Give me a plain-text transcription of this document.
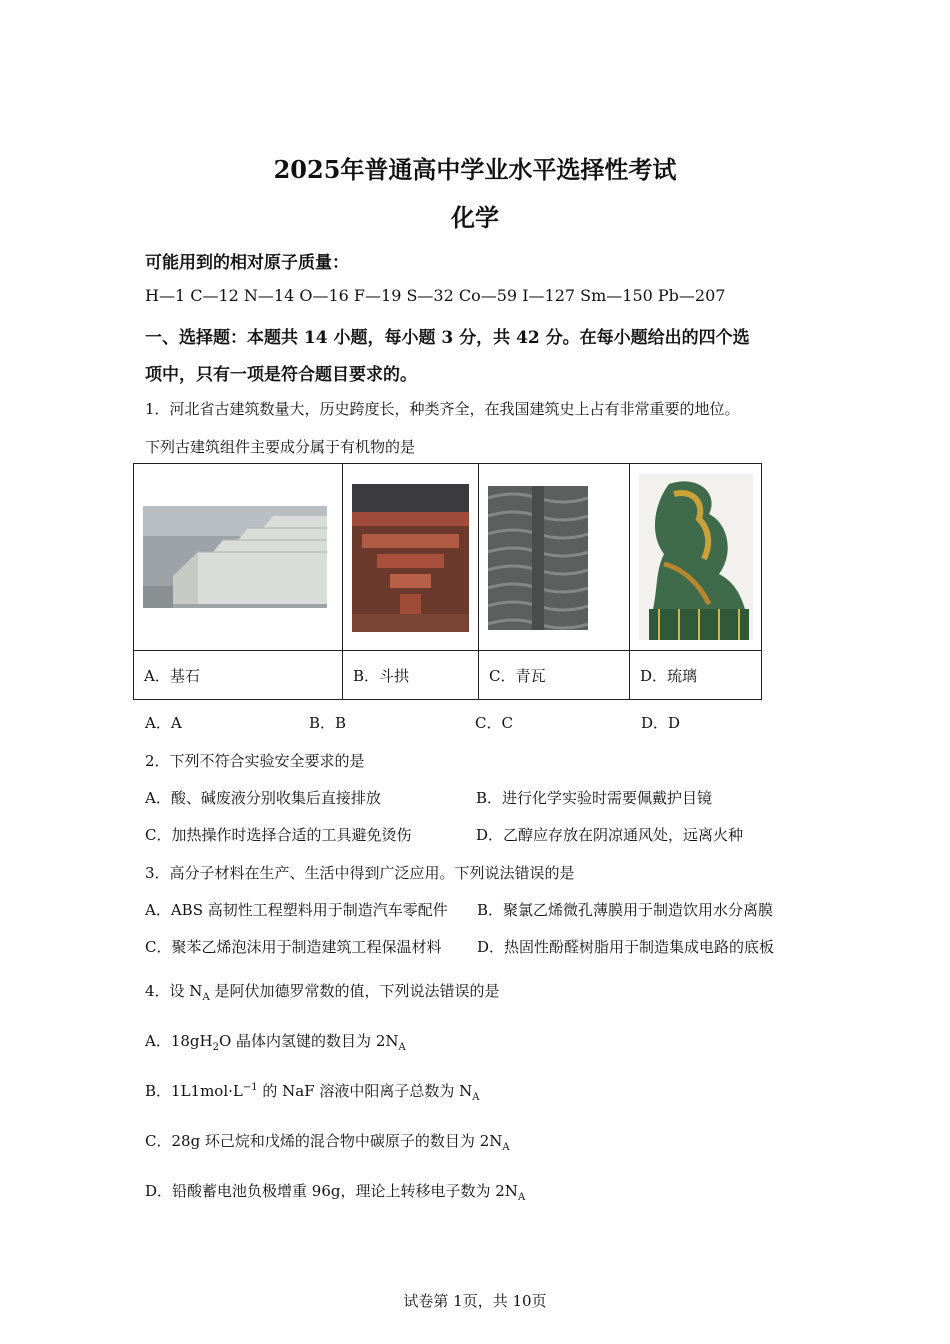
2025年普通高中学业水平选择性考试
化学
可能用到的相对原子质量：
H—1 C—12 N—14 O—16 F—19 S—32 Co—59 I—127 Sm—150 Pb—207
一、选择题：本题共 14 小题，每小题 3 分，共 42 分。在每小题给出的四个选
项中，只有一项是符合题目要求的。
1．河北省古建筑数量大，历史跨度长，种类齐全，在我国建筑史上占有非常重要的地位。
下列古建筑组件主要成分属于有机物的是

A．基石	B．斗拱	C．青瓦	D．琉璃
A．A	B．B	C．C	D．D
2．下列不符合实验安全要求的是
A．酸、碱废液分别收集后直接排放	B．进行化学实验时需要佩戴护目镜
C．加热操作时选择合适的工具避免烫伤	D．乙醇应存放在阴凉通风处，远离火种
3．高分子材料在生产、生活中得到广泛应用。下列说法错误的是
A．ABS 高韧性工程塑料用于制造汽车零配件 B．聚氯乙烯微孔薄膜用于制造饮用水分离膜
C．聚苯乙烯泡沫用于制造建筑工程保温材料 D．热固性酚醛树脂用于制造集成电路的底板
4．设 $N_A$ 是阿伏加德罗常数的值，下列说法错误的是
A．$18gH_2O$ 晶体内氢键的数目为 $2N_A$
B．$1L1mol\cdot L^{-1}$ 的 NaF 溶液中阳离子总数为 $N_A$
C．28g 环己烷和戊烯的混合物中碳原子的数目为 $2N_A$
D．铅酸蓄电池负极增重 96g，理论上转移电子数为 $2N_A$
试卷第 1页，共 10页
